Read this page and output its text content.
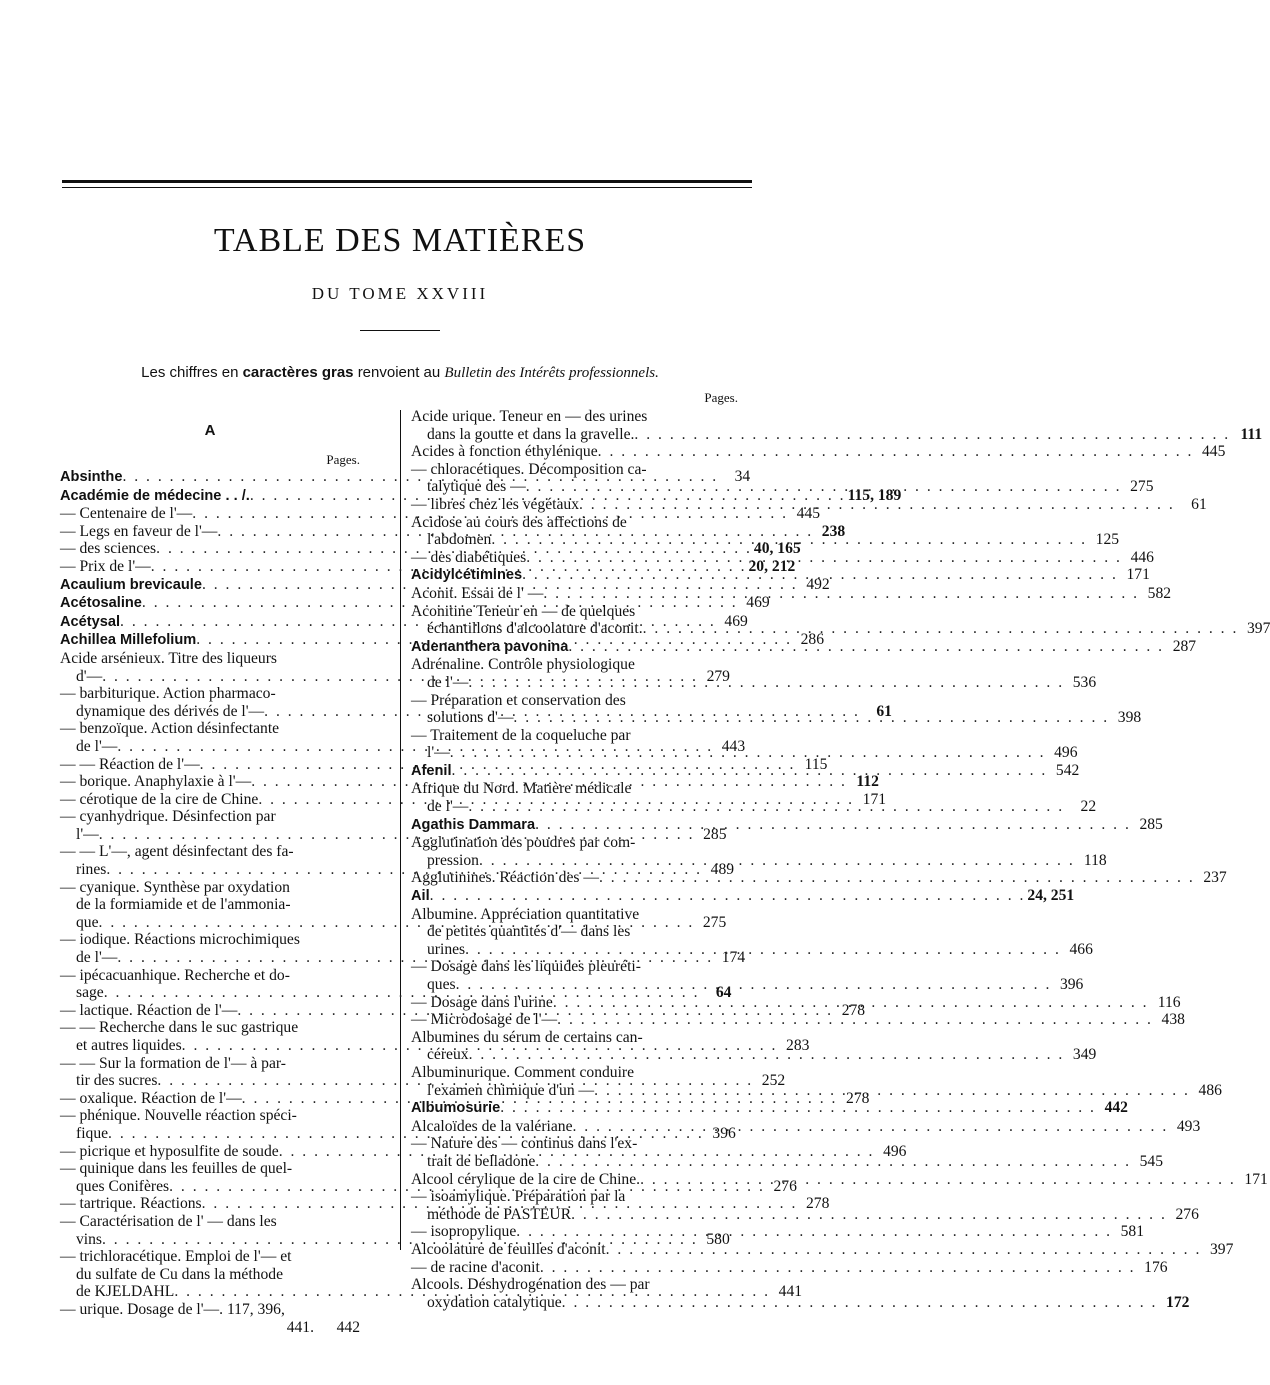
TABLE DES MATIÈRES
DU TOME XXVIII
Les chiffres en caractères gras renvoient au Bulletin des Intérêts professionnels.
A
Pages.
Absinthe . . .	34
Académie de médecine . . /. . . .	115, 189
— Centenaire de l'— . . .	445
— Legs en faveur de l'— . . .	238
— des sciences . . .	40, 165
— Prix de l'— . . .	20, 212
Acaulium brevicaule . . .	492
Acétosaline . . .	469
Acétysal . . .	469
Achillea Millefolium . . .	286
Acide arsénieux. Titre des liqueurs
d'— . . .	279
— barbiturique. Action pharmaco-
dynamique des dérivés de l'— . . .	61
— benzoïque. Action désinfectante
de l'— . . .	443
— — Réaction de l'— . . .	115
— borique. Anaphylaxie à l'— . . .	112
— cérotique de la cire de Chine . . .	171
— cyanhydrique. Désinfection par
l'— . . .	285
— — L'—, agent désinfectant des fa-
rines . . .	489
— cyanique. Synthèse par oxydation
de la formiamide et de l'ammonia-
que . . .	275
— iodique. Réactions microchimiques
de l'— . . .	174
— ipécacuanhique. Recherche et do-
sage . . .	64
— lactique. Réaction de l'— . . .	278
— — Recherche dans le suc gastrique
et autres liquides . . .	283
— — Sur la formation de l'— à par-
tir des sucres . . .	252
— oxalique. Réaction de l'— . . .	278
— phénique. Nouvelle réaction spéci-
fique . . .	396
— picrique et hyposulfite de soude . . .	496
— quinique dans les feuilles de quel-
ques Conifères . . .	276
— tartrique. Réactions . . .	278
— Caractérisation de l' — dans les
vins . . .	580
— trichloracétique. Emploi de l'— et
du sulfate de Cu dans la méthode
de KJELDAHL . . .	441
— urique. Dosage de l'—. 117, 396,
441.	442
Pages.
Acide urique. Teneur en — des urines
dans la goutte et dans la gravelle. . . .	111
Acides à fonction éthylénique . . .	445
— chloracétiques. Décomposition ca-
talytique des — . . .	275
— libres chez les végétaux . . .	61
Acidose au cours des affections de
l'abdomen . . .	125
— des diabétiques . . .	446
Acidylcétimines . . .	171
Aconit. Essai de l' — . . .	582
Aconitine Teneur en — de quelques
échantillons d'alcoolature d'aconit. . . .	397
Adenanthera pavonina . . .	287
Adrénaline. Contrôle physiologique
de l'— . . .	536
— Préparation et conservation des
solutions d'— . . .	398
— Traitement de la coqueluche par
l'— . . .	496
Afenil . . .	542
Afrique du Nord. Matière médicale
de l'— . . .	22
Agathis Dammara . . .	285
Agglutination des poudres par com-
pression . . .	118
Agglutinines. Réaction des — . . .	237
Ail . . .	24, 251
Albumine. Appréciation quantitative
de petites quantités d'— dans les
urines . . .	466
— Dosage dans les liquides pleuréti-
ques . . .	396
— Dosage dans l'urine . . .	116
— Microdosage de l'— . . .	438
Albumines du sérum de certains can-
céreux . . .	349
Albuminurique. Comment conduire
l'examen chimique d'un — . . .	486
Albumosurie . . .	442
Alcaloïdes de la valériane . . .	493
— Nature des — continus dans l'ex-
trait de belladone . . .	545
Alcool cérylique de la cire de Chine. . . .	171
— isoamylique. Préparation par la
méthode de PASTEUR . . .	276
— isopropylique . . .	581
Alcoolature de feuilles d'aconit . . .	397
— de racine d'aconit . . .	176
Alcools. Déshydrogénation des — par
oxydation catalytique . . .	172
